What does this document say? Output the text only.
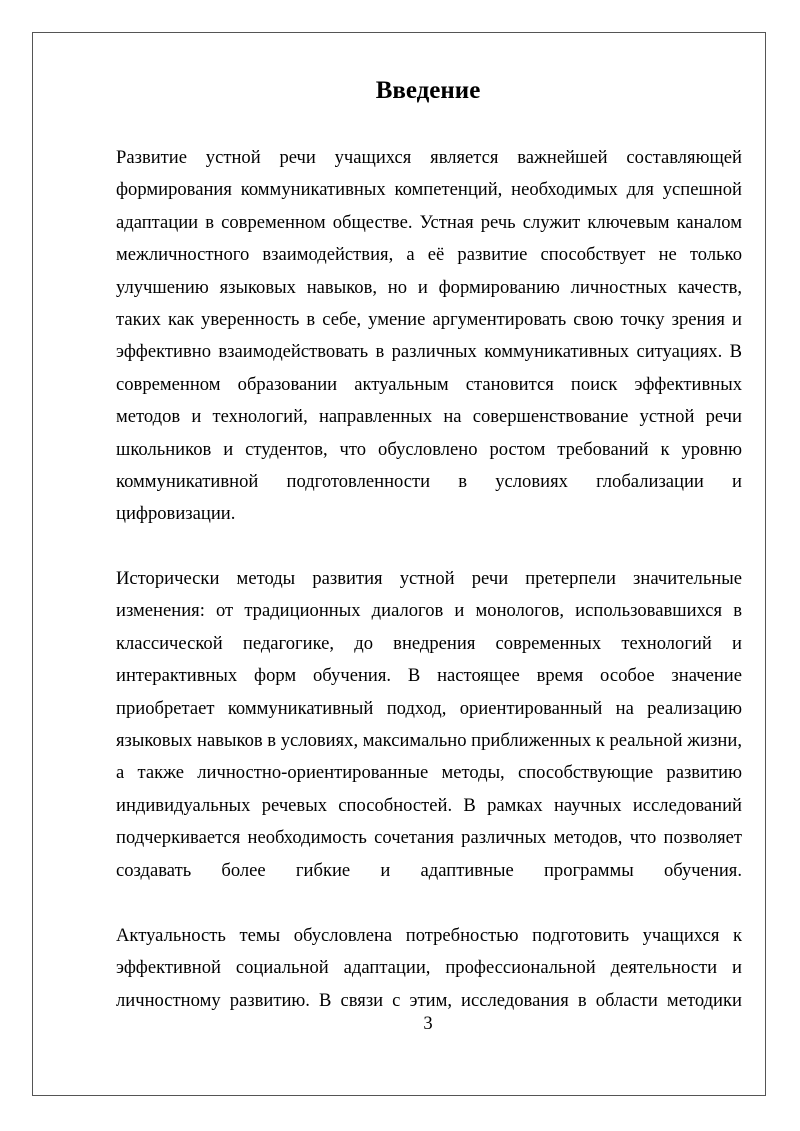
Введение
Развитие устной речи учащихся является важнейшей составляющей
формирования коммуникативных компетенций, необходимых для успешной
адаптации в современном обществе. Устная речь служит ключевым каналом
межличностного взаимодействия, а её развитие способствует не только
улучшению языковых навыков, но и формированию личностных качеств,
таких как уверенность в себе, умение аргументировать свою точку зрения и
эффективно взаимодействовать в различных коммуникативных ситуациях. В
современном образовании актуальным становится поиск эффективных
методов и технологий, направленных на совершенствование устной речи
школьников и студентов, что обусловлено ростом требований к уровню
коммуникативной подготовленности в условиях глобализации и
цифровизации.
Исторически методы развития устной речи претерпели значительные
изменения: от традиционных диалогов и монологов, использовавшихся в
классической педагогике, до внедрения современных технологий и
интерактивных форм обучения. В настоящее время особое значение
приобретает коммуникативный подход, ориентированный на реализацию
языковых навыков в условиях, максимально приближенных к реальной жизни,
а также личностно-ориентированные методы, способствующие развитию
индивидуальных речевых способностей. В рамках научных исследований
подчеркивается необходимость сочетания различных методов, что позволяет
создавать более гибкие и адаптивные программы обучения.
Актуальность темы обусловлена потребностью подготовить учащихся к
эффективной социальной адаптации, профессиональной деятельности и
личностному развитию. В связи с этим, исследования в области методики
3
